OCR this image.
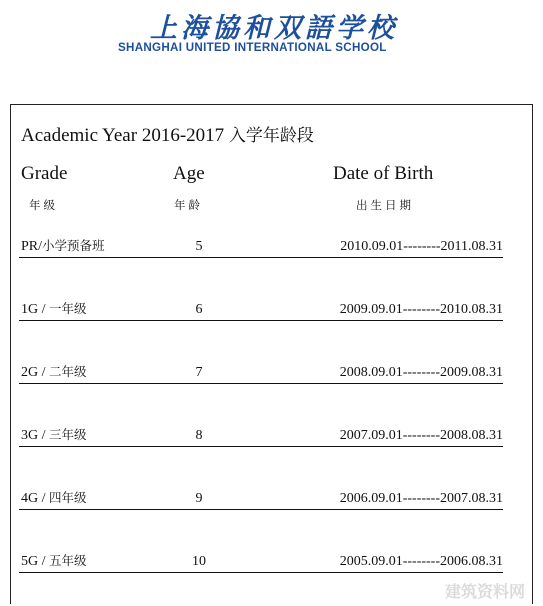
上海協和双語学校
SHANGHAI UNITED INTERNATIONAL SCHOOL
Academic Year 2016-2017 入学年龄段
Grade	Age	Date of Birth
年级	年龄	出生日期
PR/小学预备班	5	2010.09.01--------2011.08.31
1G / 一年级	6	2009.09.01--------2010.08.31
2G / 二年级	7	2008.09.01--------2009.08.31
3G / 三年级	8	2007.09.01--------2008.08.31
4G / 四年级	9	2006.09.01--------2007.08.31
5G / 五年级	10	2005.09.01--------2006.08.31
建筑资料网
